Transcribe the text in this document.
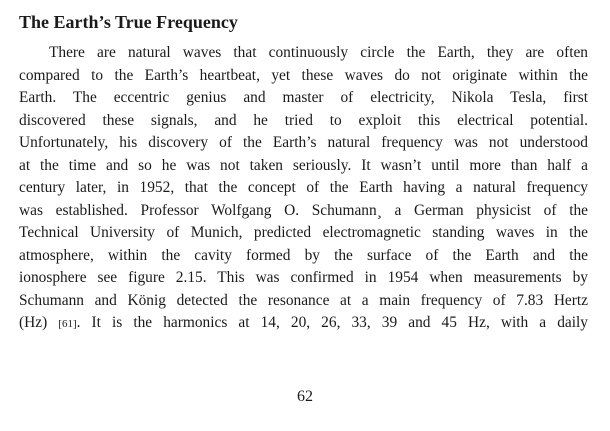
The Earth’s True Frequency
There are natural waves that continuously circle the Earth, they are often
compared to the Earth’s heartbeat, yet these waves do not originate within the
Earth. The eccentric genius and master of electricity, Nikola Tesla, first
discovered these signals, and he tried to exploit this electrical potential.
Unfortunately, his discovery of the Earth’s natural frequency was not understood
at the time and so he was not taken seriously. It wasn’t until more than half a
century later, in 1952, that the concept of the Earth having a natural frequency
was established. Professor Wolfgang O. Schumann¸ a German physicist of the
Technical University of Munich, predicted electromagnetic standing waves in the
atmosphere, within the cavity formed by the surface of the Earth and the
ionosphere see figure 2.15. This was confirmed in 1954 when measurements by
Schumann and König detected the resonance at a main frequency of 7.83 Hertz
(Hz) [61]. It is the harmonics at 14, 20, 26, 33, 39 and 45 Hz, with a daily
62
